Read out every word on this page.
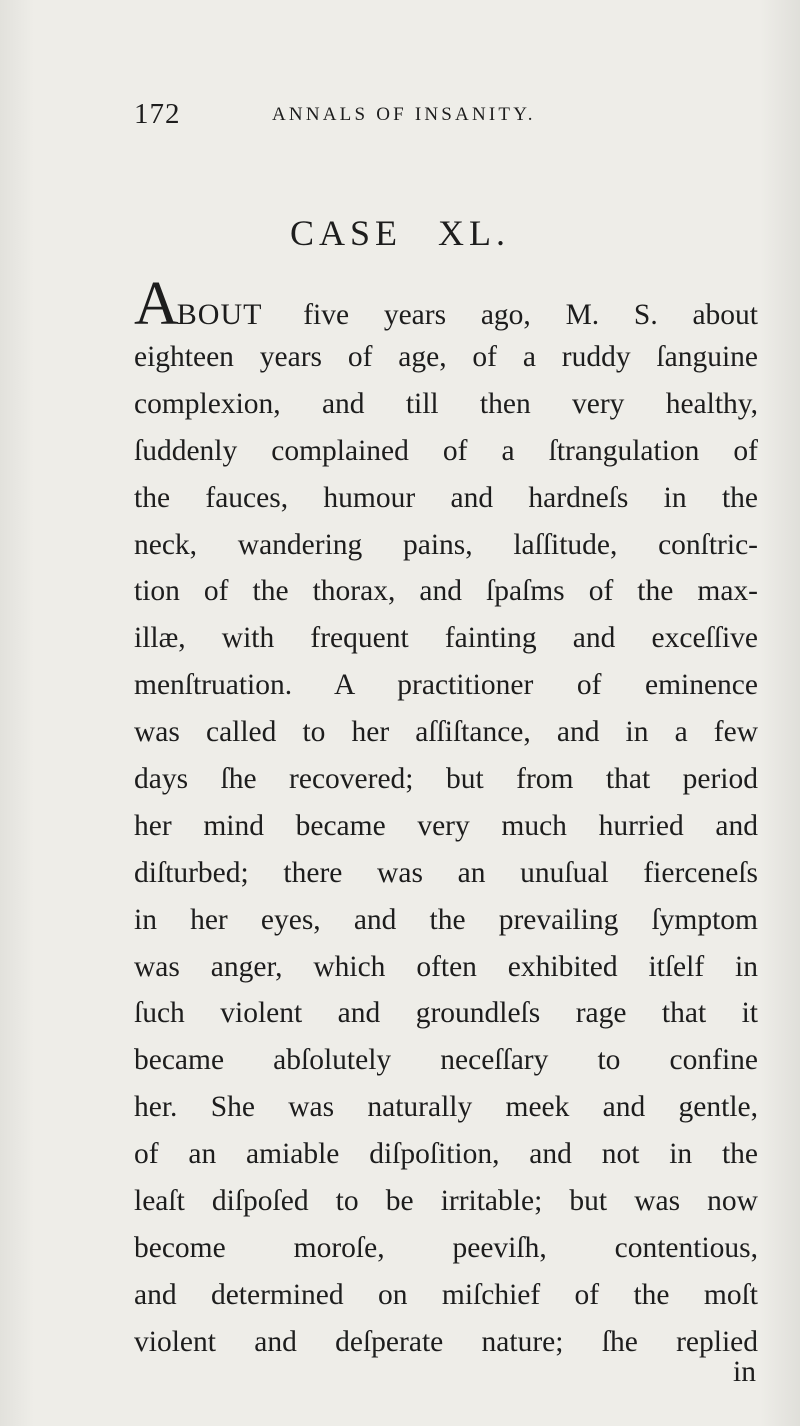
172	ANNALS OF INSANITY.
CASE XL.
ABOUT five years ago, M. S. about
eighteen years of age, of a ruddy ſanguine
complexion, and till then very healthy,
ſuddenly complained of a ſtrangulation of
the fauces, humour and hardneſs in the
neck, wandering pains, laſſitude, conſtric-
tion of the thorax, and ſpaſms of the max-
illæ, with frequent fainting and exceſſive
menſtruation. A practitioner of eminence
was called to her aſſiſtance, and in a few
days ſhe recovered; but from that period
her mind became very much hurried and
diſturbed; there was an unuſual fierceneſs
in her eyes, and the prevailing ſymptom
was anger, which often exhibited itſelf in
ſuch violent and groundleſs rage that it
became abſolutely neceſſary to confine
her. She was naturally meek and gentle,
of an amiable diſpoſition, and not in the
leaſt diſpoſed to be irritable; but was now
become moroſe, peeviſh, contentious,
and determined on miſchief of the moſt
violent and deſperate nature; ſhe replied
in
